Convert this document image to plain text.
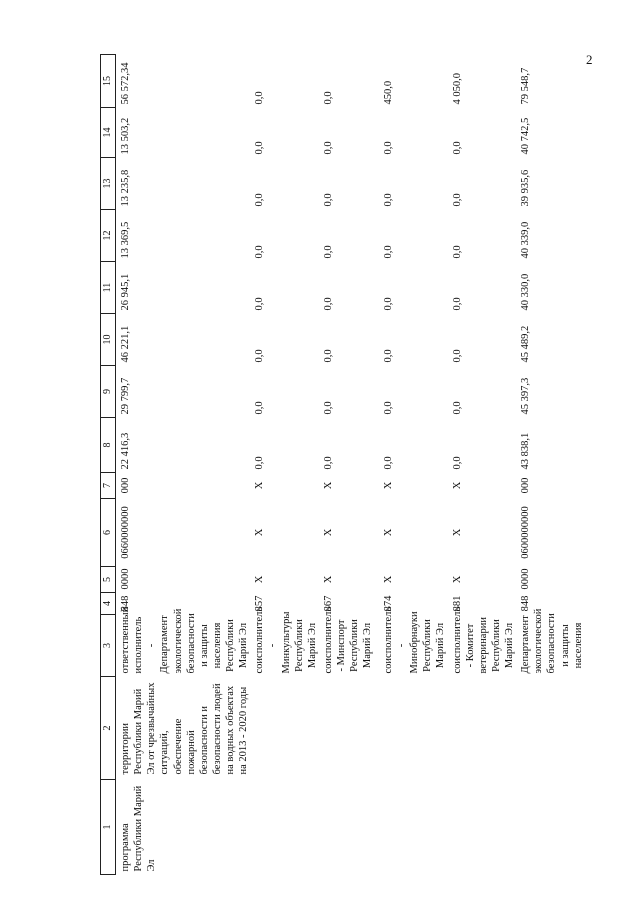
2
1	2	3	4	5	6	7	8	9	10	11	12	13	14	15
программа Республики Марий Эл	территории Республики Марий Эл от чрезвычайных ситуаций, обеспечение пожарной безопасности и безопасности людей на водных объектах на 2013 - 2020 годы	ответственный исполнитель - Департамент экологической безопасности и защиты населения Республики Марий Эл	848	0000	0660000000	000	22 416,3	29 799,7	46 221,1	26 945,1	13 369,5	13 235,8	13 503,2	56 572,34
		соисполнитель - Минкультуры Республики Марий Эл	857	X	X	X	0,0	0,0	0,0	0,0	0,0	0,0	0,0	0,0
		соисполнитель - Минспорт Республики Марий Эл	867	X	X	X	0,0	0,0	0,0	0,0	0,0	0,0	0,0	0,0
		соисполнитель - Минобрнауки Республики Марий Эл	874	X	X	X	0,0	0,0	0,0	0,0	0,0	0,0	0,0	450,0
		соисполнитель - Комитет ветеринарии Республики Марий Эл	881	X	X	X	0,0	0,0	0,0	0,0	0,0	0,0	0,0	4 050,0
		Департамент экологической безопасности и защиты населения	848	0000	0600000000	000	43 838,1	45 397,3	45 489,2	40 330,0	40 339,0	39 935,6	40 742,5	79 548,7
